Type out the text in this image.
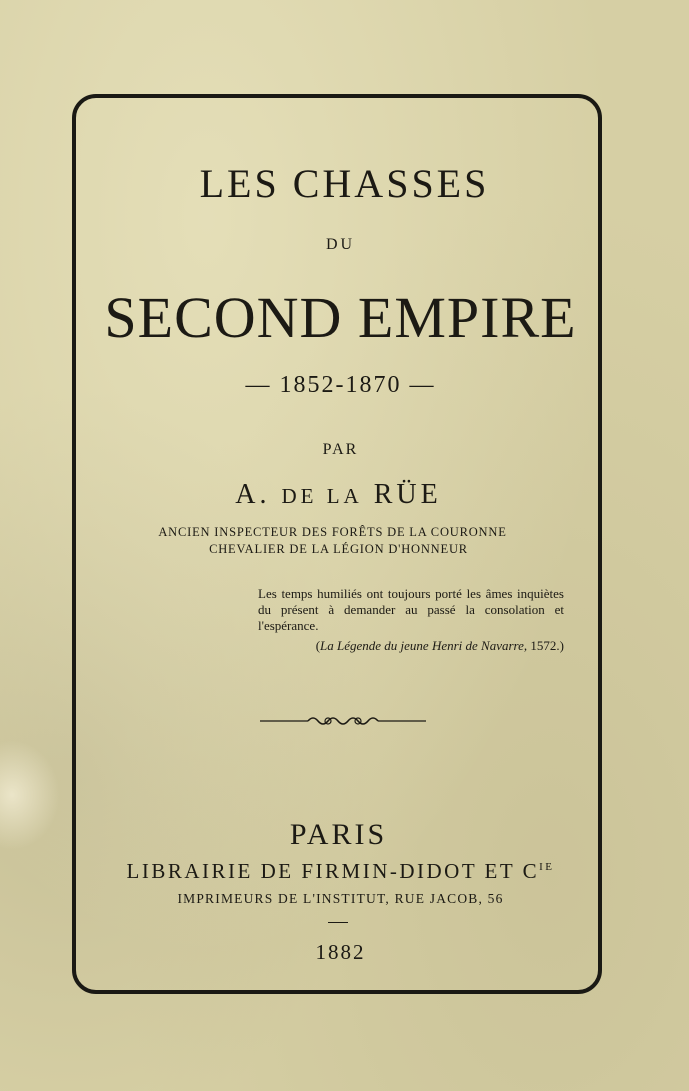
LES CHASSES
DU
SECOND EMPIRE
— 1852-1870 —
PAR
A. DE LA RÜE
ANCIEN INSPECTEUR DES FORÊTS DE LA COURONNE
CHEVALIER DE LA LÉGION D'HONNEUR
Les temps humiliés ont toujours porté les âmes inquiètes du présent à demander au passé la consolation et l'espérance.
(La Légende du jeune Henri de Navarre, 1572.)
PARIS
LIBRAIRIE DE FIRMIN-DIDOT ET $C^{IE}$
IMPRIMEURS DE L'INSTITUT, RUE JACOB, 56
1882
